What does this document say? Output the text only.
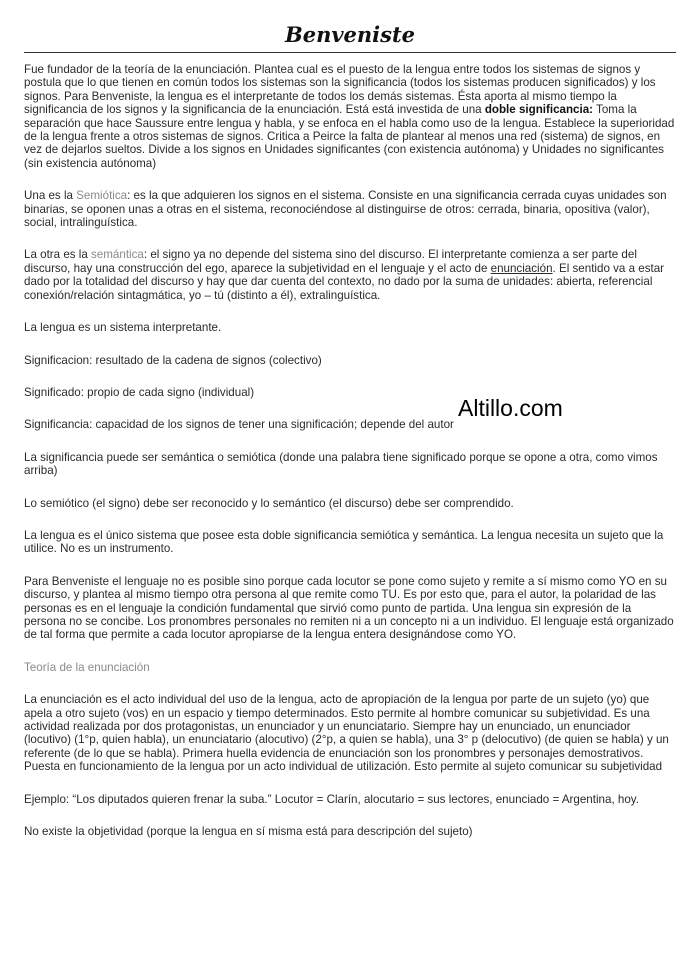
Benveniste

Fue fundador de la teoría de la enunciación. Plantea cual es el puesto de la lengua entre todos los sistemas de signos y postula que lo que tienen en común todos los sistemas son la significancia (todos los sistemas producen significados) y los signos. Para Benveniste, la lengua es el interpretante de todos los demás sistemas. Ésta aporta al mismo tiempo la significancia de los signos y la significancia de la enunciación. Está está investida de una doble significancia: Toma la separación que hace Saussure entre lengua y habla, y se enfoca en el habla como uso de la lengua. Establece la superioridad de la lengua frente a otros sistemas de signos. Critica a Peirce la falta de plantear al menos una red (sistema) de signos, en vez de dejarlos sueltos. Divide a los signos en Unidades significantes (con existencia autónoma) y Unidades no significantes (sin existencia autónoma)

Una es la Semiótica: es la que adquieren los signos en el sistema. Consiste en una significancia cerrada cuyas unidades son binarias, se oponen unas a otras en el sistema, reconociéndose al distinguirse de otros: cerrada, binaria, opositiva (valor), social, intralinguística.

La otra es la semántica: el signo ya no depende del sistema sino del discurso. El interpretante comienza a ser parte del discurso, hay una construcción del ego, aparece la subjetividad en el lenguaje y el acto de enunciación. El sentido va a estar dado por la totalidad del discurso y hay que dar cuenta del contexto, no dado por la suma de unidades: abierta, referencial conexión/relación sintagmática, yo – tú (distinto a él), extralinguística.

La lengua es un sistema interpretante.

Significacion: resultado de la cadena de signos (colectivo)

Significado: propio de cada signo (individual)

Significancia: capacidad de los signos de tener una significación; depende del autor

La significancia puede ser semántica o semiótica (donde una palabra tiene significado porque se opone a otra, como vimos arriba)

Lo semiótico (el signo) debe ser reconocido y lo semántico (el discurso) debe ser comprendido.

La lengua es el único sistema que posee esta doble significancia semiótica y semántica. La lengua necesita un sujeto que la utilice. No es un instrumento.

Para Benveniste el lenguaje no es posible sino porque cada locutor se pone como sujeto y remite a sí mismo como YO en su discurso, y plantea al mismo tiempo otra persona al que remite como TU. Es por esto que, para el autor, la polaridad de las personas es en el lenguaje la condición fundamental que sirvió como punto de partida. Una lengua sin expresión de la persona no se concibe. Los pronombres personales no remiten ni a un concepto ni a un individuo. El lenguaje está organizado de tal forma que permite a cada locutor apropiarse de la lengua entera designándose como YO.

Teoría de la enunciación

La enunciación es el acto individual del uso de la lengua, acto de apropiación de la lengua por parte de un sujeto (yo) que apela a otro sujeto (vos) en un espacio y tiempo determinados. Esto permite al hombre comunicar su subjetividad. Es una actividad realizada por dos protagonistas, un enunciador y un enunciatario. Siempre hay un enunciado, un enunciador (locutivo) (1°p, quien habla), un enunciatario (alocutivo) (2°p, a quien se habla), una 3° p (delocutivo) (de quien se habla) y un referente (de lo que se habla). Primera huella evidencia de enunciación son los pronombres y personajes demostrativos. Puesta en funcionamiento de la lengua por un acto individual de utilización. Esto permite al sujeto comunicar su subjetividad

Ejemplo: “Los diputados quieren frenar la suba.” Locutor = Clarín, alocutario = sus lectores, enunciado = Argentina, hoy.

No existe la objetividad (porque la lengua en sí misma está para descripción del sujeto)

Altillo.com
